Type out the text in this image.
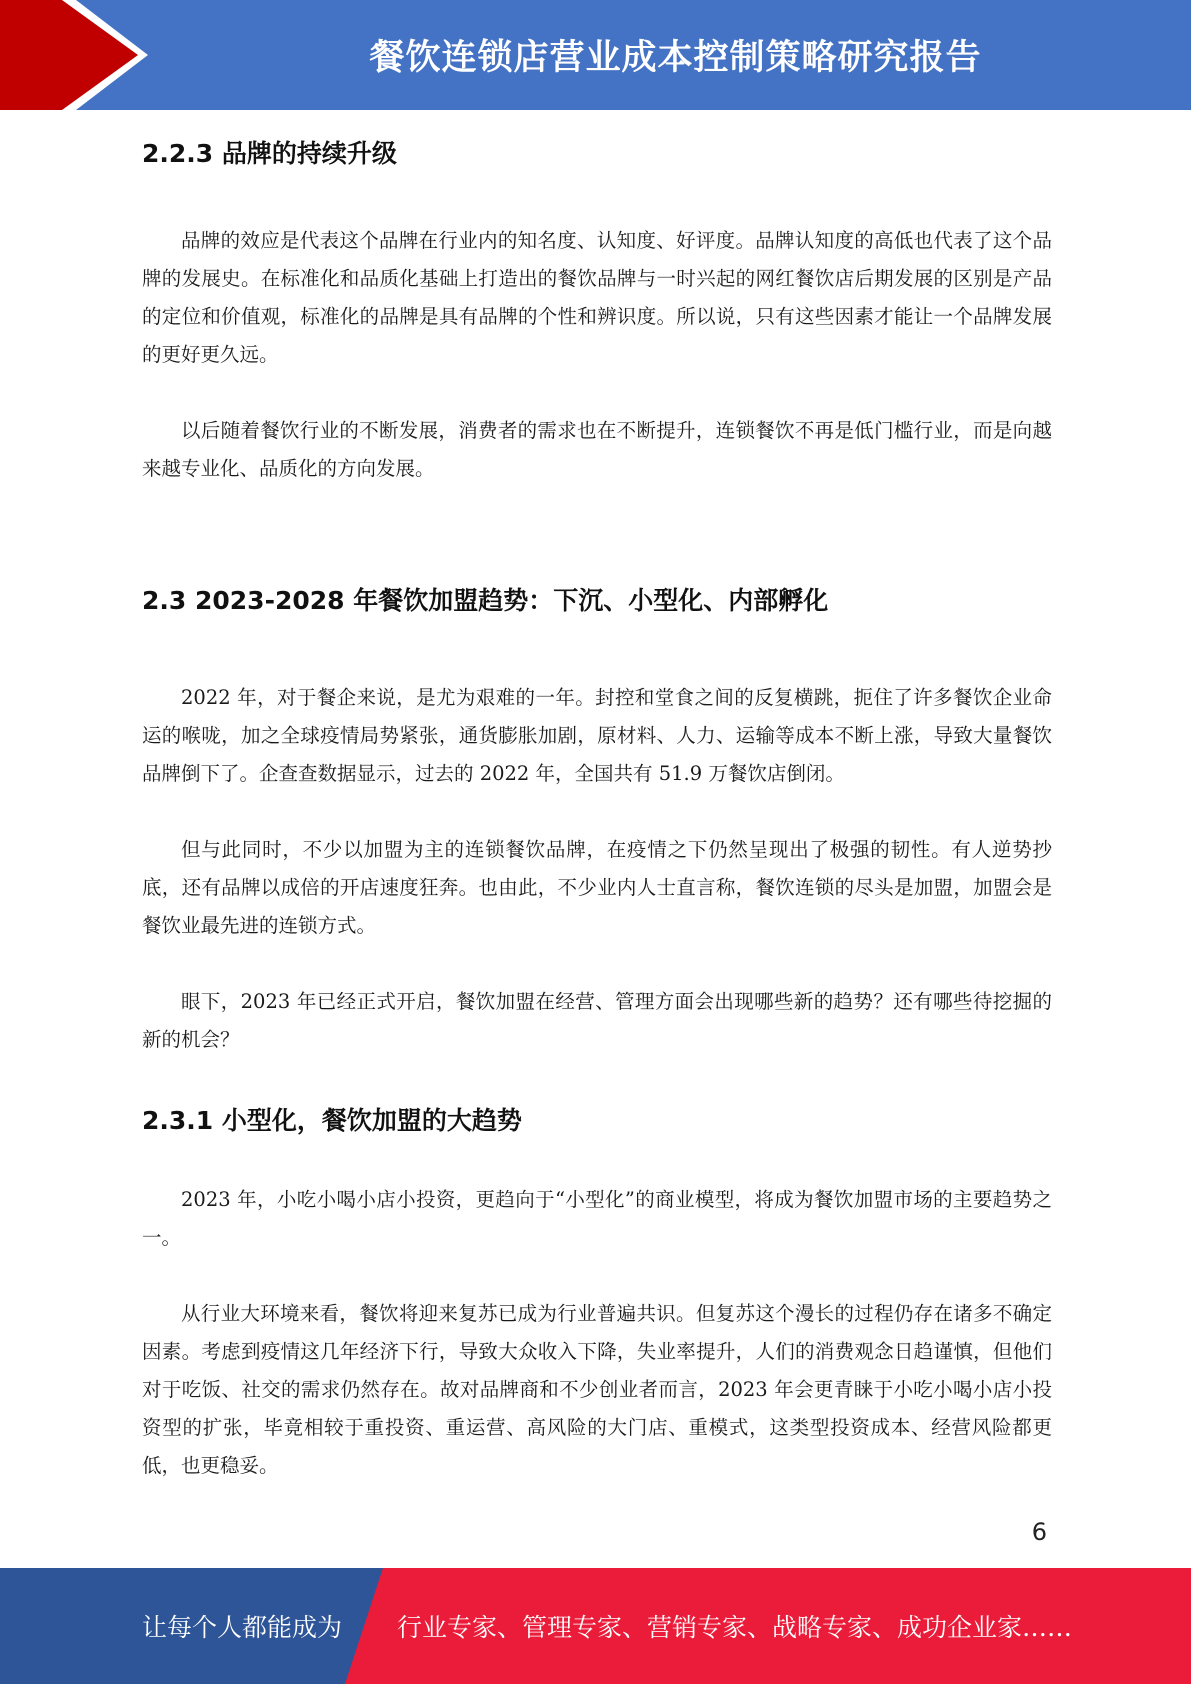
餐饮连锁店营业成本控制策略研究报告
2.2.3 品牌的持续升级

品牌的效应是代表这个品牌在行业内的知名度、认知度、好评度。品牌认知度的高低也代表了这个品牌的发展史。在标准化和品质化基础上打造出的餐饮品牌与一时兴起的网红餐饮店后期发展的区别是产品的定位和价值观，标准化的品牌是具有品牌的个性和辨识度。所以说，只有这些因素才能让一个品牌发展的更好更久远。

以后随着餐饮行业的不断发展，消费者的需求也在不断提升，连锁餐饮不再是低门槛行业，而是向越来越专业化、品质化的方向发展。

2.3 2023-2028 年餐饮加盟趋势：下沉、小型化、内部孵化

2022 年，对于餐企来说，是尤为艰难的一年。封控和堂食之间的反复横跳，扼住了许多餐饮企业命运的喉咙，加之全球疫情局势紧张，通货膨胀加剧，原材料、人力、运输等成本不断上涨，导致大量餐饮品牌倒下了。企查查数据显示，过去的 2022 年，全国共有 51.9 万餐饮店倒闭。

但与此同时，不少以加盟为主的连锁餐饮品牌，在疫情之下仍然呈现出了极强的韧性。有人逆势抄底，还有品牌以成倍的开店速度狂奔。也由此，不少业内人士直言称，餐饮连锁的尽头是加盟，加盟会是餐饮业最先进的连锁方式。

眼下，2023 年已经正式开启，餐饮加盟在经营、管理方面会出现哪些新的趋势？还有哪些待挖掘的新的机会？

2.3.1 小型化，餐饮加盟的大趋势

2023 年，小吃小喝小店小投资，更趋向于“小型化”的商业模型，将成为餐饮加盟市场的主要趋势之一。

从行业大环境来看，餐饮将迎来复苏已成为行业普遍共识。但复苏这个漫长的过程仍存在诸多不确定因素。考虑到疫情这几年经济下行，导致大众收入下降，失业率提升，人们的消费观念日趋谨慎，但他们对于吃饭、社交的需求仍然存在。故对品牌商和不少创业者而言，2023 年会更青睐于小吃小喝小店小投资型的扩张，毕竟相较于重投资、重运营、高风险的大门店、重模式，这类型投资成本、经营风险都更低，也更稳妥。

6
让每个人都能成为 行业专家、管理专家、营销专家、战略专家、成功企业家……
